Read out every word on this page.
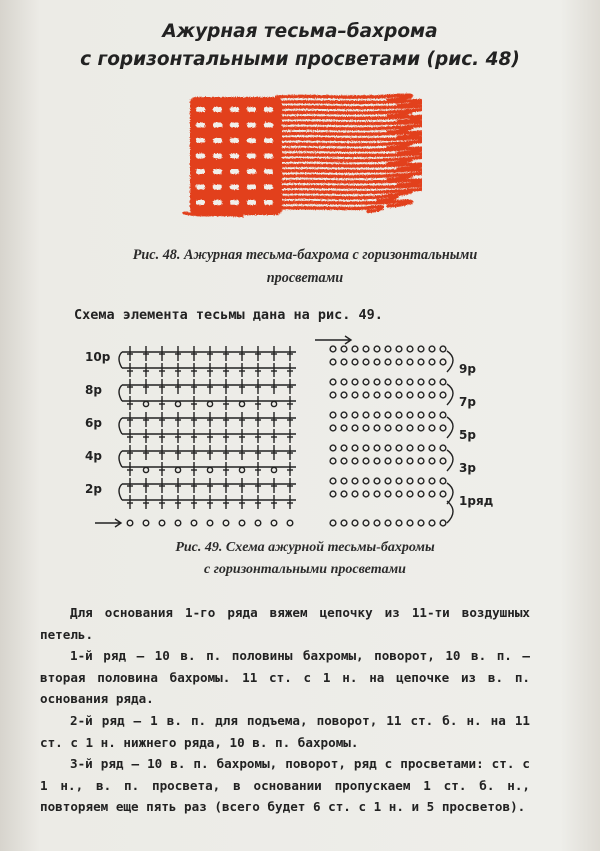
Ажурная тесьма–бахрома
с горизонтальными просветами (рис. 48)
Рис. 48. Ажурная тесьма-бахрома с горизонтальными
просветами
Схема элемента тесьмы дана на рис. 49.
10р
8р
6р
4р
2р
9р
7р
5р
3р
1ряд
Рис. 49. Схема ажурной тесьмы-бахромы
с горизонтальными просветами

Для основания 1-го ряда вяжем цепочку из 11-ти воздушных петель.

1-й ряд — 10 в. п. половины бахромы, поворот, 10 в. п. — вторая половина бахромы. 11 ст. с 1 н. на цепочке из в. п. основания ряда.

2-й ряд — 1 в. п. для подъема, поворот, 11 ст. б. н. на 11 ст. с 1 н. нижнего ряда, 10 в. п. бахромы.

3-й ряд — 10 в. п. бахромы, поворот, ряд с просветами: ст. с 1 н., в. п. просвета, в основании пропускаем 1 ст. б. н., повторяем еще пять раз (всего будет 6 ст. с 1 н. и 5 просветов).
